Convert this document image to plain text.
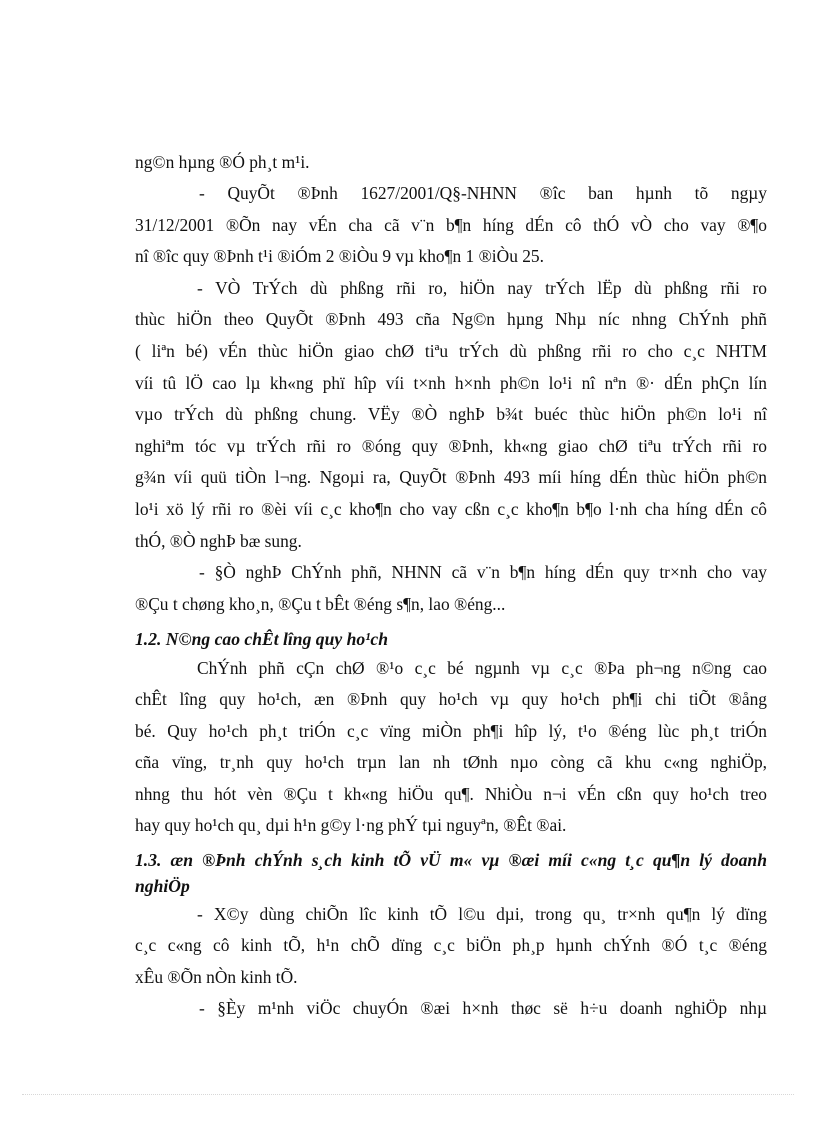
ng©n hµng ®Ó ph¸t m¹i.

- QuyÕt ®Þnh 1627/2001/Q§-NHNN ®îc ban hµnh tõ ngµy

31/12/2001 ®Õn nay vÉn cha cã v¨n b¶n híng dÉn cô thÓ vÒ cho vay ®¶o

nî ®îc quy ®Þnh t¹i ®iÓm 2 ®iÒu 9 vµ kho¶n 1 ®iÒu 25.

- VÒ TrÝch dù phßng rñi ro, hiÖn nay trÝch lËp dù phßng rñi ro

thùc hiÖn theo QuyÕt ®Þnh 493 cña Ng©n hµng Nhµ níc nhng ChÝnh phñ

( liªn bé) vÉn thùc hiÖn giao chØ tiªu trÝch dù phßng rñi ro cho c¸c NHTM

víi tû lÖ cao lµ kh«ng phï hîp víi t×nh h×nh ph©n lo¹i nî nªn ®· dÉn phÇn lín

vµo trÝch dù phßng chung. VËy ®Ò nghÞ b¾t buéc thùc hiÖn ph©n lo¹i nî

nghiªm tóc vµ trÝch rñi ro ®óng quy ®Þnh, kh«ng giao chØ tiªu trÝch rñi ro

g¾n víi quü tiÒn l¬ng. Ngoµi ra, QuyÕt ®Þnh 493 míi híng dÉn thùc hiÖn ph©n

lo¹i xö lý rñi ro ®èi víi c¸c kho¶n cho vay cßn c¸c kho¶n b¶o l·nh cha híng dÉn cô

thÓ, ®Ò nghÞ bæ sung.

- §Ò nghÞ ChÝnh phñ, NHNN cã v¨n b¶n híng dÉn quy tr×nh cho vay

®Çu t chøng kho¸n, ®Çu t bÊt ®éng s¶n, lao ®éng...

1.2. N©ng cao chÊt lîng quy ho¹ch

ChÝnh phñ cÇn chØ ®¹o c¸c bé ngµnh vµ c¸c ®Þa ph¬ng n©ng cao

chÊt lîng quy ho¹ch, æn ®Þnh quy ho¹ch vµ quy ho¹ch ph¶i chi tiÕt ®ång

bé. Quy ho¹ch ph¸t triÓn c¸c vïng miÒn ph¶i hîp lý, t¹o ®éng lùc ph¸t triÓn

cña vïng, tr¸nh quy ho¹ch trµn lan nh tØnh nµo còng cã khu c«ng nghiÖp,

nhng thu hót vèn ®Çu t kh«ng hiÖu qu¶. NhiÒu n¬i vÉn cßn quy ho¹ch treo

hay quy ho¹ch qu¸ dµi h¹n g©y l·ng phÝ tµi nguyªn, ®Êt ®ai.

1.3. æn ®Þnh chÝnh s¸ch kinh tÕ vÜ m« vµ ®æi míi c«ng t¸c qu¶n lý doanh

nghiÖp

- X©y dùng chiÕn lîc kinh tÕ l©u dµi, trong qu¸ tr×nh qu¶n lý dïng

c¸c c«ng cô kinh tÕ, h¹n chÕ dïng c¸c biÖn ph¸p hµnh chÝnh ®Ó t¸c ®éng

xÊu ®Õn nÒn kinh tÕ.

- §Èy m¹nh viÖc chuyÓn ®æi h×nh thøc së h÷u doanh nghiÖp nhµ
